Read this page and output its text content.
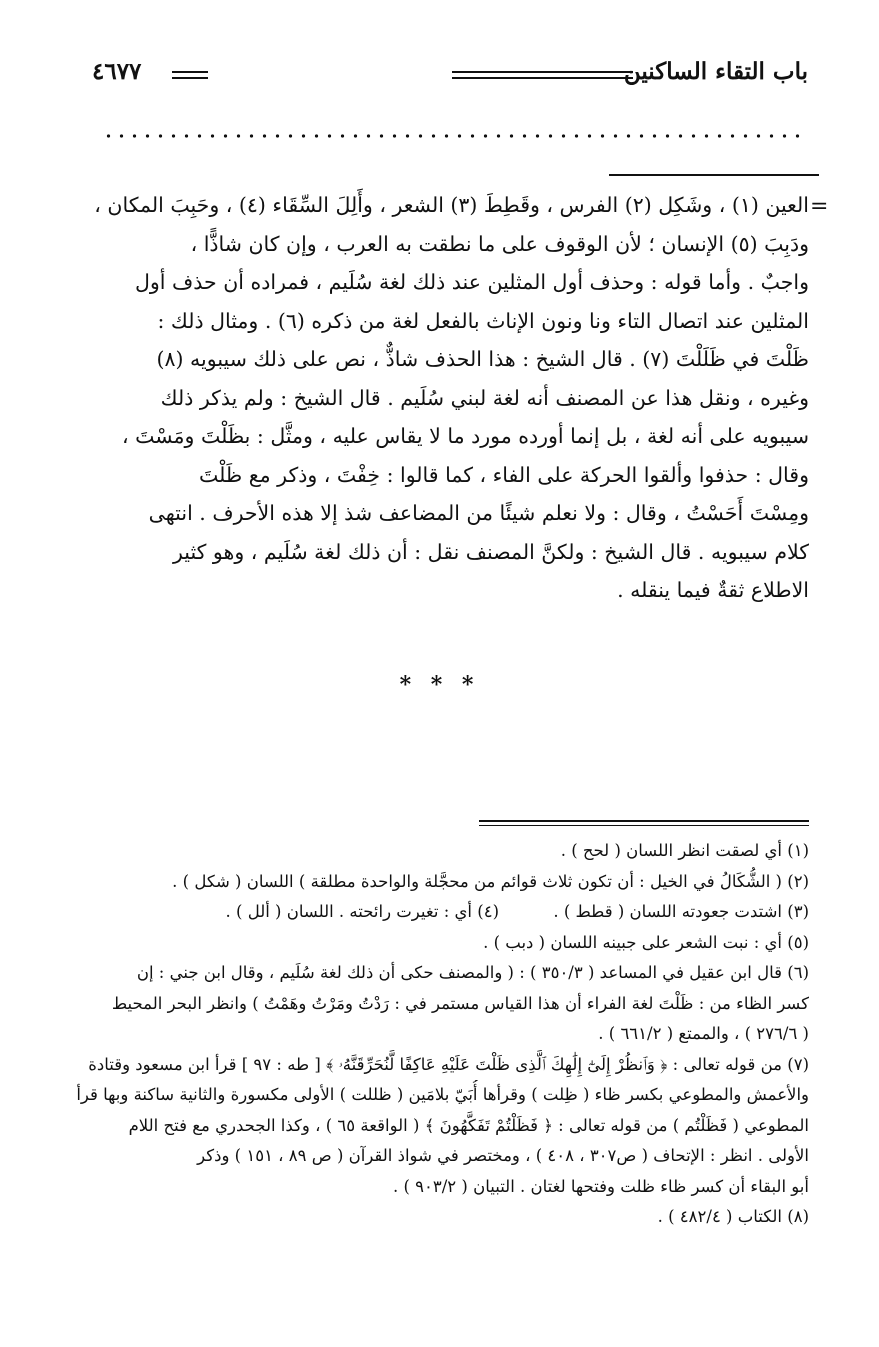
باب التقاء الساكنين
٤٦٧٧
=
العين (١) ، وشَكِل (٢) الفرس ، وقَطِطَ (٣) الشعر ، وأَلِلَ السِّقَاء (٤) ، وحَبِبَ المكان ،
ودَبِبَ (٥) الإنسان ؛ لأن الوقوف على ما نطقت به العرب ، وإن كان شاذًّا ،
واجبٌ . وأما قوله : وحذف أول المثلين عند ذلك لغة سُلَيم ، فمراده أن حذف أول
المثلين عند اتصال التاء ونا ونون الإناث بالفعل لغة من ذكره (٦) . ومثال ذلك :
ظَلْتَ في ظَلَلْتَ (٧) . قال الشيخ : هذا الحذف شاذٌّ ، نص على ذلك سيبويه (٨)
وغيره ، ونقل هذا عن المصنف أنه لغة لبني سُلَيم . قال الشيخ : ولم يذكر ذلك
سيبويه على أنه لغة ، بل إنما أورده مورد ما لا يقاس عليه ، ومثَّل : بظَلْتَ ومَسْتَ ،
وقال : حذفوا وألقوا الحركة على الفاء ، كما قالوا : خِفْتَ ، وذكر مع ظَلْتَ
ومِسْتَ أَحَسْتُ ، وقال : ولا نعلم شيئًا من المضاعف شذ إلا هذه الأحرف . انتهى
كلام سيبويه . قال الشيخ : ولكنَّ المصنف نقل : أن ذلك لغة سُلَيم ، وهو كثير
الاطلاع ثقةٌ فيما ينقله .
* * *
(١) أي لصقت انظر اللسان ( لحح ) .
(٢) ( الشُّكَالُ في الخيل : أن تكون ثلاث قوائم من محجَّلة والواحدة مطلقة ) اللسان ( شكل ) .
(٣) اشتدت جعودته اللسان ( قطط ) .
(٤) أي : تغيرت رائحته . اللسان ( ألل ) .
(٥) أي : نبت الشعر على جبينه اللسان ( دبب ) .
(٦) قال ابن عقيل في المساعد ( ٣٥٠/٣ ) : ( والمصنف حكى أن ذلك لغة سُلَيم ، وقال ابن جني : إن
كسر الظاء من : ظَلْتَ لغة الفراء أن هذا القياس مستمر في : رَدْتُ ومَرْتُ وهَمْتُ ) وانظر البحر المحيط
( ٢٧٦/٦ ) ، والممتع ( ٦٦١/٢ ) .
(٧) من قوله تعالى : ﴿ وَٱنظُرْ إِلَىٰٓ إِلَٰهِكَ ٱلَّذِى ظَلْتَ عَلَيْهِ عَاكِفًا لَّنُحَرِّقَنَّهُۥ ﴾ [ طه : ٩٧ ] قرأ ابن مسعود وقتادة
والأعمش والمطوعي بكسر ظاء ( ظِلت ) وقرأها أُبَيّ بلامَين ( ظللت ) الأولى مكسورة والثانية ساكنة وبها قرأ
المطوعي ( فَظَلْتُم ) من قوله تعالى : ﴿ فَظَلْتُمْ تَفَكَّهُونَ ﴾ ( الواقعة ٦٥ ) ، وكذا الجحدري مع فتح اللام
الأولى . انظر : الإتحاف ( ص٣٠٧ ، ٤٠٨ ) ، ومختصر في شواذ القرآن ( ص ٨٩ ، ١٥١ ) وذكر
أبو البقاء أن كسر ظاء ظلت وفتحها لغتان . التبيان ( ٩٠٣/٢ ) .
(٨) الكتاب ( ٤٨٢/٤ ) .
